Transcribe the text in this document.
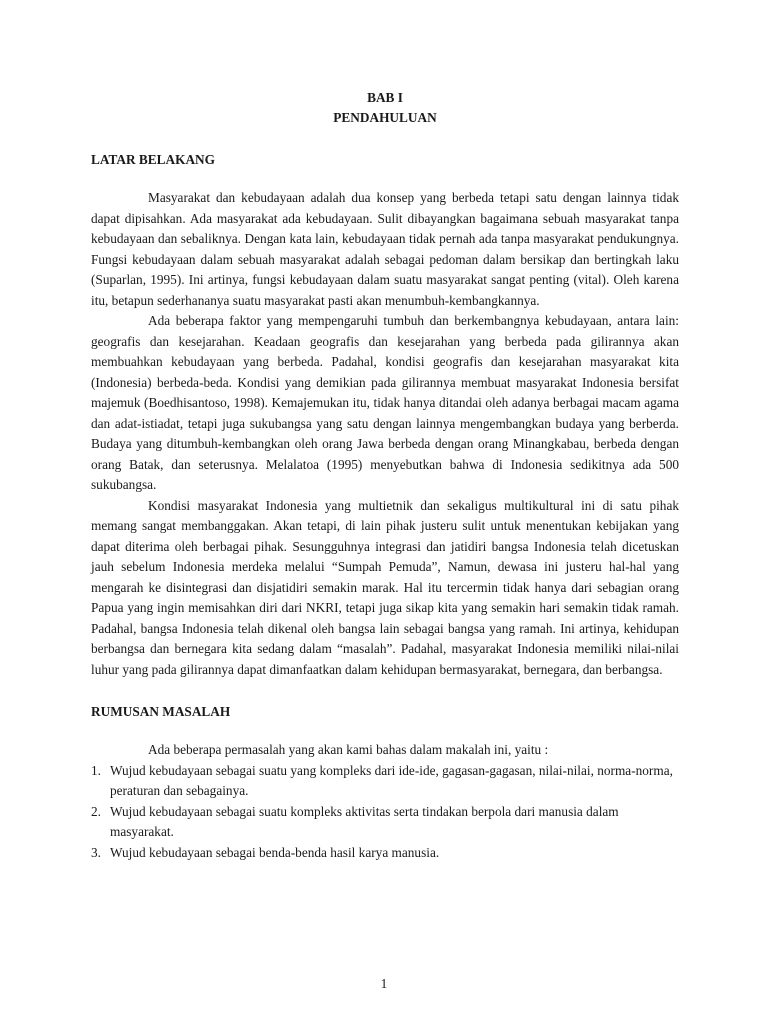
BAB I
PENDAHULUAN
LATAR BELAKANG

Masyarakat dan kebudayaan adalah dua konsep yang berbeda tetapi satu dengan lainnya tidak dapat dipisahkan. Ada masyarakat ada kebudayaan. Sulit dibayangkan bagaimana sebuah masyarakat tanpa kebudayaan dan sebaliknya. Dengan kata lain, kebudayaan tidak pernah ada tanpa masyarakat pendukungnya. Fungsi kebudayaan dalam sebuah masyarakat adalah sebagai pedoman dalam bersikap dan bertingkah laku (Suparlan, 1995). Ini artinya, fungsi kebudayaan dalam suatu masyarakat sangat penting (vital). Oleh karena itu, betapun sederhananya suatu masyarakat pasti akan menumbuh-kembangkannya.

Ada beberapa faktor yang mempengaruhi tumbuh dan berkembangnya kebudayaan, antara lain: geografis dan kesejarahan. Keadaan geografis dan kesejarahan yang berbeda pada gilirannya akan membuahkan kebudayaan yang berbeda. Padahal, kondisi geografis dan kesejarahan masyarakat kita (Indonesia) berbeda-beda. Kondisi yang demikian pada gilirannya membuat masyarakat Indonesia bersifat majemuk (Boedhisantoso, 1998). Kemajemukan itu, tidak hanya ditandai oleh adanya berbagai macam agama dan adat-istiadat, tetapi juga sukubangsa yang satu dengan lainnya mengembangkan budaya yang berberda. Budaya yang ditumbuh-kembangkan oleh orang Jawa berbeda dengan orang Minangkabau, berbeda dengan orang Batak, dan seterusnya. Melalatoa (1995) menyebutkan bahwa di Indonesia sedikitnya ada 500 sukubangsa.

Kondisi masyarakat Indonesia yang multietnik dan sekaligus multikultural ini di satu pihak memang sangat membanggakan. Akan tetapi, di lain pihak justeru sulit untuk menentukan kebijakan yang dapat diterima oleh berbagai pihak. Sesungguhnya integrasi dan jatidiri bangsa Indonesia telah dicetuskan jauh sebelum Indonesia merdeka melalui “Sumpah Pemuda”, Namun, dewasa ini justeru hal-hal yang mengarah ke disintegrasi dan disjatidiri semakin marak. Hal itu tercermin tidak hanya dari sebagian orang Papua yang ingin memisahkan diri dari NKRI, tetapi juga sikap kita yang semakin hari semakin tidak ramah. Padahal, bangsa Indonesia telah dikenal oleh bangsa lain sebagai bangsa yang ramah. Ini artinya, kehidupan berbangsa dan bernegara kita sedang dalam “masalah”. Padahal, masyarakat Indonesia memiliki nilai-nilai luhur yang pada gilirannya dapat dimanfaatkan dalam kehidupan bermasyarakat, bernegara, dan berbangsa.

RUMUSAN MASALAH

Ada beberapa permasalah yang akan kami bahas dalam makalah ini, yaitu :

1. Wujud kebudayaan sebagai suatu yang kompleks dari ide-ide, gagasan-gagasan, nilai-nilai, norma-norma, peraturan dan sebagainya.
2. Wujud kebudayaan sebagai suatu kompleks aktivitas serta tindakan berpola dari manusia dalam masyarakat.
3. Wujud kebudayaan sebagai benda-benda hasil karya manusia.
1
